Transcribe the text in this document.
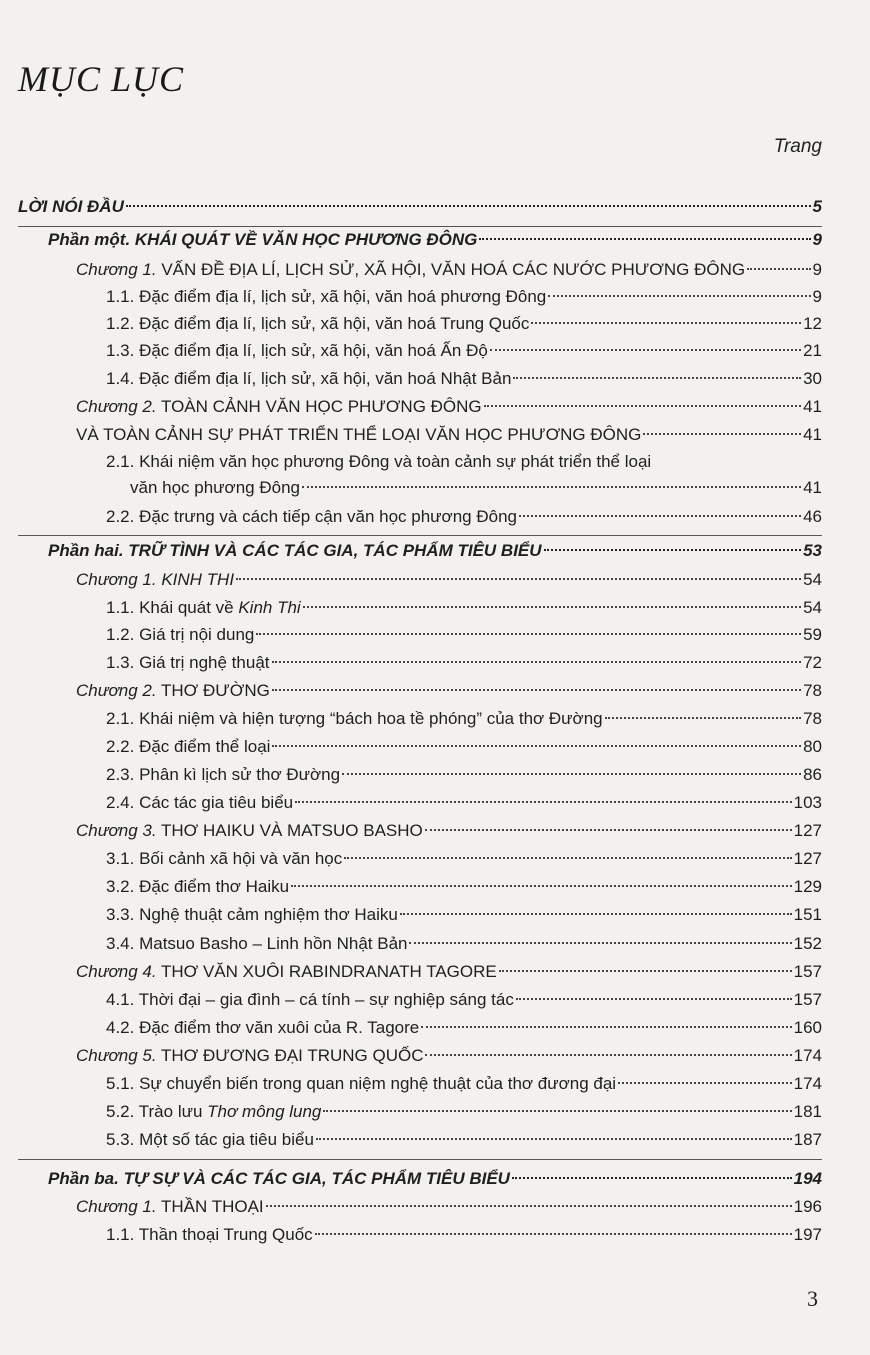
MỤC LỤC
Trang
LỜI NÓI ĐẦU	5
Phần một. KHÁI QUÁT VỀ VĂN HỌC PHƯƠNG ĐÔNG	9
Chương 1. VẤN ĐỀ ĐỊA LÍ, LỊCH SỬ, XÃ HỘI, VĂN HOÁ CÁC NƯỚC PHƯƠNG ĐÔNG	9
1.1. Đặc điểm địa lí, lịch sử, xã hội, văn hoá phương Đông	9
1.2. Đặc điểm địa lí, lịch sử, xã hội, văn hoá Trung Quốc	12
1.3. Đặc điểm địa lí, lịch sử, xã hội, văn hoá Ấn Độ	21
1.4. Đặc điểm địa lí, lịch sử, xã hội, văn hoá Nhật Bản	30
Chương 2. TOÀN CẢNH VĂN HỌC PHƯƠNG ĐÔNG	41
VÀ TOÀN CẢNH SỰ PHÁT TRIỂN THỂ LOẠI VĂN HỌC PHƯƠNG ĐÔNG	41
2.1. Khái niệm văn học phương Đông và toàn cảnh sự phát triển thể loại
văn học phương Đông	41
2.2. Đặc trưng và cách tiếp cận văn học phương Đông	46
Phần hai. TRỮ TÌNH VÀ CÁC TÁC GIA, TÁC PHẨM TIÊU BIỂU	53
Chương 1. KINH THI	54
1.1. Khái quát về Kinh Thi	54
1.2. Giá trị nội dung	59
1.3. Giá trị nghệ thuật	72
Chương 2. THƠ ĐƯỜNG	78
2.1. Khái niệm và hiện tượng “bách hoa tề phóng” của thơ Đường	78
2.2. Đặc điểm thể loại	80
2.3. Phân kì lịch sử thơ Đường	86
2.4. Các tác gia tiêu biểu	103
Chương 3. THƠ HAIKU VÀ MATSUO BASHO	127
3.1. Bối cảnh xã hội và văn học	127
3.2. Đặc điểm thơ Haiku	129
3.3. Nghệ thuật cảm nghiệm thơ Haiku	151
3.4. Matsuo Basho – Linh hồn Nhật Bản	152
Chương 4. THƠ VĂN XUÔI RABINDRANATH TAGORE	157
4.1. Thời đại – gia đình – cá tính – sự nghiệp sáng tác	157
4.2. Đặc điểm thơ văn xuôi của R. Tagore	160
Chương 5. THƠ ĐƯƠNG ĐẠI TRUNG QUỐC	174
5.1. Sự chuyển biến trong quan niệm nghệ thuật của thơ đương đại	174
5.2. Trào lưu Thơ mông lung	181
5.3. Một số tác gia tiêu biểu	187
Phần ba. TỰ SỰ VÀ CÁC TÁC GIA, TÁC PHẨM TIÊU BIỂU	194
Chương 1. THẦN THOẠI	196
1.1. Thần thoại Trung Quốc	197
3
